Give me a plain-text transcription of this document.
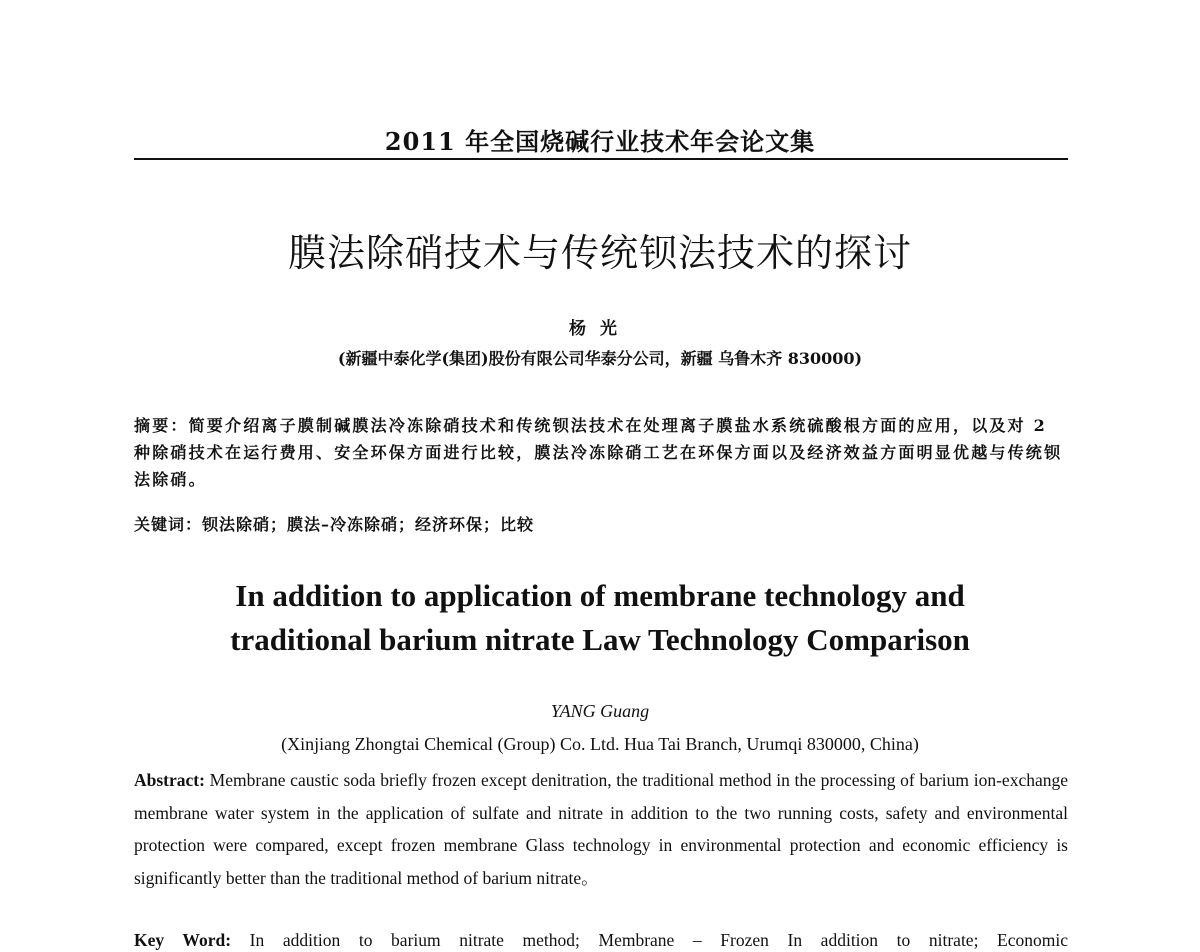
2011 年全国烧碱行业技术年会论文集
膜法除硝技术与传统钡法技术的探讨
杨光
(新疆中泰化学(集团)股份有限公司华泰分公司，新疆 乌鲁木齐 830000)
摘要：简要介绍离子膜制碱膜法冷冻除硝技术和传统钡法技术在处理离子膜盐水系统硫酸根方面的应用，以及对 2 种除硝技术在运行费用、安全环保方面进行比较，膜法冷冻除硝工艺在环保方面以及经济效益方面明显优越与传统钡法除硝。
关键词：钡法除硝；膜法–冷冻除硝；经济环保；比较
In addition to application of membrane technology and
traditional barium nitrate Law Technology Comparison
YANG Guang
(Xinjiang Zhongtai Chemical (Group) Co. Ltd. Hua Tai Branch, Urumqi 830000, China)
Abstract: Membrane caustic soda briefly frozen except denitration, the traditional method in the processing of barium ion-exchange membrane water system in the application of sulfate and nitrate in addition to the two running costs, safety and environmental protection were compared, except frozen membrane Glass technology in environmental protection and economic efficiency is significantly better than the traditional method of barium nitrate。
Key Word: In addition to barium nitrate method; Membrane – Frozen In addition to nitrate; Economic
